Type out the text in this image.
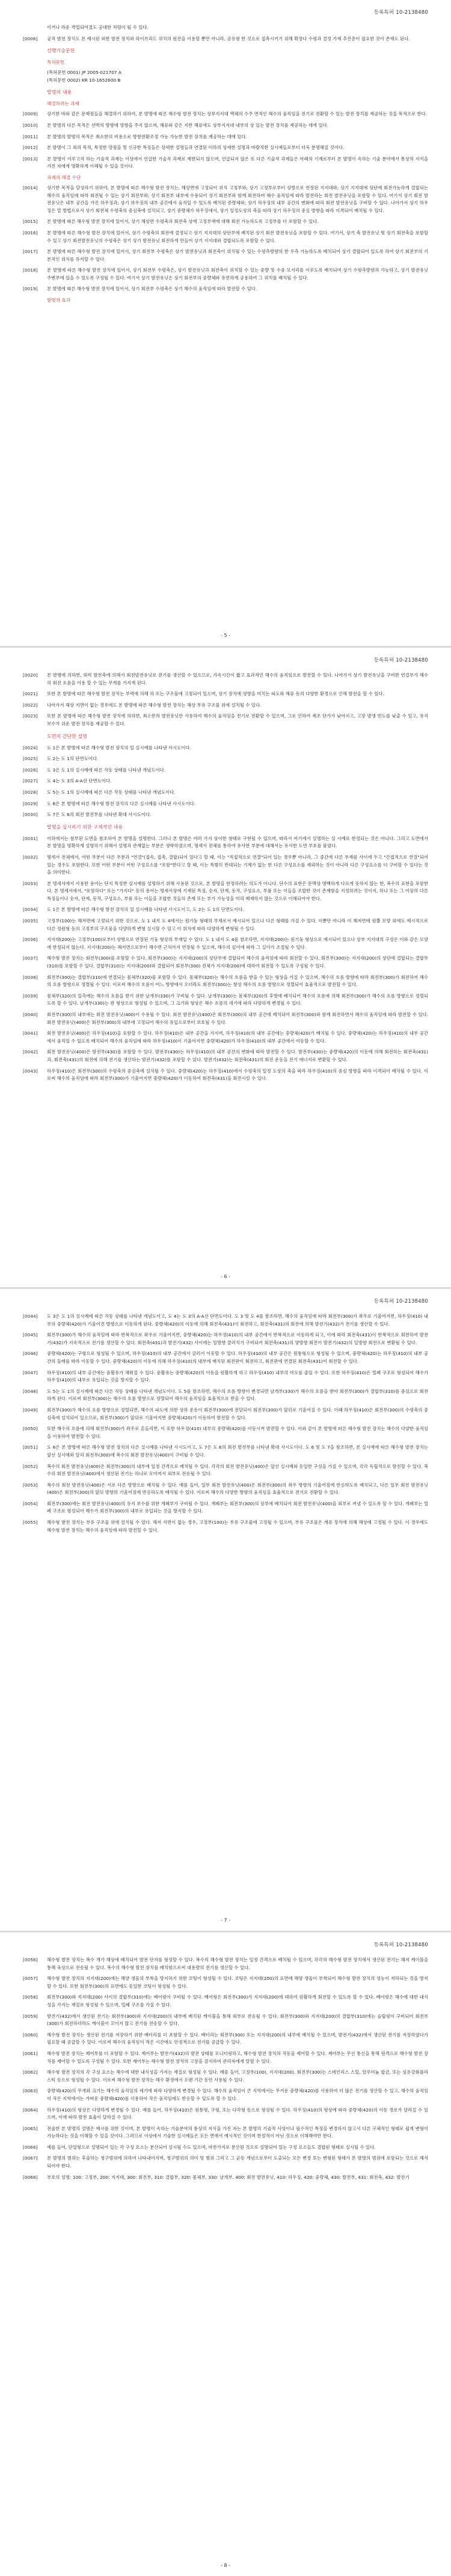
등록특허 10-2138480
이거나 라운 격업되어졌도 공대한 처럼이 될 수 있다.
[0006]	공적 발전 장치도 본 예시된 외한 발전 장치와 하이브리드 위치의 원전을 이용할 뿐만 아니라, 공유형 한 것으로 접촉시키기 위해 확장다 수평과 결정 가재 추진층이 필요한 것이 존재도 된다.
선행기술문헌
특허문헌
(특허문헌 0001) JP 2005-021707 A
(특허문헌 0002) KR 10-1652600 B
발명의 내용
해결하려는 과제
[0009]	상기한 바와 같은 문제점들을 해결하기 위하여, 본 발명에 따른 해수형 발전 장치는 상부지지대 액체의 수주 면적인 해수의 움직임을 전기로 전환할 수 있는 발전 장치를 제공하는 것을 목적으로 한다.
[0010]	본 발명의 다른 목적은 선박의 방향에 영향을 주지 않으며, 해류와 같은 지반 해류에도 상부지지대 내부의 상 있는 발전 장치를 제공하는 데에 있다.
[0011]	본 발명의 발명의 목적은 최소한의 비용으로 방향전환조정 가능 가능한 발전 장치를 제공하는 데에 있다.
[0012]	본 발명이 그 외의 목적, 특정한 양점을 및 신규한 특징들은 상세한 설명들과 연결된 이하의 상세한 설명과 바람직한 실시예들로부터 더욱 분명해질 것이다.
[0013]	본 발명이 이루고자 하는 기술적 과제는 이상에서 언급한 기술적 과제로 제한되지 않으며, 언급되지 않은 또 다른 기술적 과제들은 아래의 기재로부터 본 발명이 속하는 기술 분야에서 통상의 지식을 가진 자에게 명확하게 이해될 수 있을 것이다.
과제의 해결 수단
[0014]	상기한 목적을 달성하기 위하여, 본 발명에 따른 해수형 발전 장치는, 해상면에 고정되어 위치 고정부와; 상기 고정부로부터 상방으로 연장된 지지대와; 상기 지지대에 상단에 회전가능하게 결합되는 해수의 움직임에 따라 회전될 수 있는 상기 회전부와; 상기 회전부 내부에 수용되어 상기 회전부와 함께 회전하여 해수 움직임에 따라 발전하는 회전 발전유닛을 포함할 수 있다. 여기서 상기 회전 발전유닛은 내부 공간을 가진 하우징과; 상기 하우징의 내부 공간에서 움직일 수 있도록 배치된 증량체와; 상기 하우징의 내부 공간의 변화에 따라 회전 발전유닛을 구비할 수 있다. 나아가서 상기 하우징은 밑 방법으로서 상기 회전체 수평축의 중심축에 설치되고, 상기 중량체가 하우징에서, 상기 일정도상의 축을 따라 상기 하우징의 중심 방향을 따라 이격되어 배치될 수 있다.
[0015]	본 발명에 따른 해수형 발전 장치에 있어서, 상기 해상면 수평축과 회전축 상에 고정부재에 대해 회전 가능하도록 고정부를 더 포함할 수 있다.
[0016]	본 발명에 따른 해수형 발전 장치에 있어서, 상기 수평축의 회전에 결정되고 상기 지지대의 상단부에 배치된 상기 회전 발전유닛을 포함할 수 있다. 여기서, 상기 축 발전유닛 및 상기 회전축을 포함할 수 있고 상기 회전발전유닛의 수평축은 상기 상기 발전유닛 회전하게 만들어 상기 지지대와 결합되도록 포함할 수 있다.
[0017]	본 발명에 따른 해수형 발전 장치에 있어서, 상기 회전부 수평축은 상기 발전유닛과 회전축이 위치될 수 있는 수평측방향의 한 우측 가능하도록 배치되어 상기 결합되어 있도록 하여 상기 회전부의 기본적인 위치를 유지할 수 있다.
[0018]	본 발명에 따른 해수형 발전 장치에 있어서, 상기 회전부 수평축은, 상기 발전유닛과 회전축이 위치할 수 있는 중량 및 수중 모서리를 이루도록 배치되며 상기 수평측방향과 가능하고, 상기 발전유닛 주변부에 있을 수 있도록 구성될 수 있다. 여기서 상기 발전유닛은 상기 회전부의 중량체와 유연하게 공용하여 그 위치를 배치될 수 있다.
[0019]	본 발명에 따른 해수형 발전 장치에 있어서, 상기 회전부 수평축은 상기 해수의 움직임에 따라 발전할 수 있다.
발명의 효과
- 5 -
등록특허 10-2138480
[0020]	본 발명에 의하면, 외력 발전축에 의해서 회전발전유닛로 전기를 생산할 수 있으므로, 가속시간이 짧고 효과적인 해수의 움직임으로 발전할 수 있다. 나아가서 상기 발전유닛을 구비한 연결부가 해수의 회전 흐름을 이용 할 수 있는 무게를 가지게 된다.
[0021]	또한 본 발명에 따른 해수형 발전 장치는 부력에 의해 하 또는 구조물에 고정되어 있으며, 상기 장치에 영향을 미치는 파도와 해류 등의 다양한 환경으로 인해 발전을 할 수 있다.
[0022]	나아가서 해상 지면이 없는 경우에도 본 발명에 따른 해수형 발전 장치는 해상 부유 구조물 위에 설치될 수 있다.
[0023]	또한 본 발명에 따른 해수형 발전 장치에 의하면, 최소한의 발전유닛만 사용하여 해수의 움직임을 전기로 전환할 수 있으며, 그로 인하여 제조 단가가 낮아지고, 고장 발생 빈도를 낮출 수 있고, 유지 보수가 쉬운 발전 장치를 제공할 수 있다.
도면의 간단한 설명
[0024]	도 1은 본 발명에 따른 해수형 발전 장치의 일 실시예를 나타낸 사시도이다.
[0025]	도 2는 도 1의 단면도이다.
[0026]	도 3은 도 1의 실시예에 따른 작동 상태를 나타낸 개념도이다.
[0027]	도 4는 도 3의 A-A선 단면도이다.
[0028]	도 5는 도 1의 실시예에 따른 다른 작동 상태를 나타낸 개념도이다.
[0029]	도 6은 본 발명에 따른 해수형 발전 장치의 다른 실시예를 나타낸 사시도이다.
[0030]	도 7은 도 6의 회전 발전부를 나타낸 확대 사시도이다.
발명을 실시하기 위한 구체적인 내용
[0031]	이하에서는 첨부된 도면을 참조하여 본 발명을 설명한다. 그러나 본 발명은 여러 가지 상이한 형태로 구현될 수 있으며, 따라서 여기에서 설명하는 실 시예로 한정되는 것은 아니다. 그리고 도면에서 본 발명을 명확하게 설명하기 위해서 설명과 관계없는 부분은 생략하였으며, 명세서 전체를 통하여 유사한 부분에 대해서는 유사한 도면 부호를 붙였다.
[0032]	명세서 전체에서, 어떤 부분이 다른 부분과 "연결"(접속, 접촉, 결합)되어 있다고 할 때, 이는 "직접적으로 연결"되어 있는 경우뿐 아니라, 그 중간에 다른 부재를 사이에 두고 "간접적으로 연결"되어 있는 경우도 포함한다. 또한 어떤 부분이 어떤 구성요소를 "포함"한다고 할 때, 이는 특별히 반대되는 기재가 없는 한 다른 구성요소를 제외하는 것이 아니라 다른 구성요소를 더 구비할 수 있다는 것을 의미한다.
[0033]	본 명세서에서 사용한 용어는 단지 특정한 실시예를 설명하기 위해 사용된 것으로, 본 발명을 한정하려는 의도가 아니다. 단수의 표현은 문맥상 명백하게 다르게 뜻하지 않는 한, 복수의 표현을 포함한다. 본 명세서에서, "포함하다" 또는 "가지다" 등의 용어는 명세서상에 기재된 특징, 숫자, 단계, 동작, 구성요소, 부품 또는 이들을 조합한 것이 존재함을 지정하려는 것이지, 하나 또는 그 이상의 다른 특징들이나 숫자, 단계, 동작, 구성요소, 부품 또는 이들을 조합한 것들의 존재 또는 부가 가능성을 미리 배제하지 않는 것으로 이해되어야 한다.
[0034]	도 1은 본 발명에 따른 해수형 발전 장치의 일 실시예를 나타낸 사시도이고, 도 2는 도 1의 단면도이다.
[0035]	고정부(100)는 해저면에 고정되기 위한 것으로, 도 1 내지 도 4에서는 원기둥 형태의 부재로서 예시되어 있으나 다른 형태를 가질 수 있다. 이뿐만 아니라 이 해저면에 원뿔 모양 외에도 예시적으로 다른 정원형 등의 고정부의 구조물을 다양하게 변형 실시할 수 있고 이 위치에 따라 다양하게 변형될 수 있다.
[0036]	지지대(200)는 고정부(100)로부터 상방으로 연장된 기둥 형상의 부재일 수 있다. 도 1 내지 도 4를 참조하면, 지지대(200)는 원기둥 형상으로 예시되어 있으나 상부 지지대의 구성은 이와 같은 모양에 한정되지 않는다. 지지대(200)는 해저면으로부터 해수면 근처까지 연장될 수 있으며, 해수의 깊이에 따라 그 길이가 조절될 수 있다.
[0037]	해수형 발전 장치는 회전부(300)를 포함할 수 있다. 회전부(300)는 지지대(200)의 상단부에 결합되어 해수의 움직임에 따라 회전할 수 있다. 회전부(300)는 지지대(200)의 상단에 결합되는 결합부(310)를 포함할 수 있다. 결합부(310)는 지지대(200)와 결합되어 회전부(300) 전체가 지지대(200)에 대하여 회전할 수 있도록 구성될 수 있다.
[0038]	회전부(300)는 결합부(310)에 연결되는 몸체부(320)를 포함할 수 있다. 몸체부(320)는 해수의 흐름을 받을 수 있는 형상을 가질 수 있으며, 해수의 흐름 방향에 따라 회전부(300)가 회전하여 해수의 흐름 방향으로 정렬될 수 있다. 이로써 해수의 흐름이 어느 방향에서 오더라도 회전부(300)는 항상 해수의 흐름 방향으로 정렬되어 효율적으로 발전할 수 있다.
[0039]	몸체부(320)의 일측에는 해수의 흐름을 받기 위한 날개부(330)가 구비될 수 있다. 날개부(330)는 몸체부(320)의 후방에 배치되어 해수의 흐름에 의해 회전부(300)가 해수의 흐름 방향으로 정렬되도록 할 수 있다. 날개부(330)는 판 형상으로 형성될 수 있으며, 그 크기와 형상은 해수 흐름의 세기에 따라 다양하게 변경될 수 있다.
[0040]	회전부(300)의 내부에는 회전 발전유닛(400)이 수용될 수 있다. 회전 발전유닛(400)은 회전부(300)의 내부 공간에 배치되어 회전부(300)와 함께 회전하면서 해수의 움직임에 따라 발전할 수 있다. 회전 발전유닛(400)은 회전부(300)의 내부에 고정되어 해수의 유입으로부터 보호될 수 있다.
[0041]	회전 발전유닛(400)은 하우징(410)을 포함할 수 있다. 하우징(410)은 내부 공간을 가지며, 하우징(410)의 내부 공간에는 중량체(420)가 배치될 수 있다. 중량체(420)는 하우징(410)의 내부 공간에서 움직일 수 있도록 배치되어 해수의 움직임에 따라 하우징(410)이 기울어지면 중량체(420)가 하우징(410)의 내부 공간에서 이동할 수 있다.
[0042]	회전 발전유닛(400)은 발전부(430)를 포함할 수 있다. 발전부(430)는 하우징(410)의 내부 공간의 변화에 따라 발전할 수 있다. 발전부(430)는 중량체(420)의 이동에 의해 회전하는 회전축(431)과, 회전축(431)의 회전에 의해 전기를 생산하는 발전기(432)를 포함할 수 있다. 발전기(432)는 회전축(431)의 회전 운동을 전기 에너지로 변환할 수 있다.
[0043]	하우징(410)은 회전부(300)의 수평축의 중심축에 설치될 수 있다. 중량체(420)는 하우징(410)에서 수평축의 일정 도상의 축을 따라 하우징(410)의 중심 방향을 따라 이격되어 배치될 수 있다. 이로써 해수의 움직임에 따라 회전부(300)가 기울어지면 중량체(420)가 이동하여 회전축(431)을 회전시킬 수 있다.
- 6 -
등록특허 10-2138480
[0044]	도 3은 도 1의 실시예에 따른 작동 상태를 나타낸 개념도이고, 도 4는 도 3의 A-A선 단면도이다. 도 3 및 도 4를 참조하면, 해수의 움직임에 따라 회전부(300)가 좌우로 기울어지면, 하우징(410) 내부의 중량체(420)가 기울어진 방향으로 이동하게 된다. 중량체(420)의 이동에 의해 회전축(431)이 회전하고, 회전축(431)의 회전에 의해 발전기(432)가 전기를 생산할 수 있다.
[0045]	회전부(300)가 해수의 움직임에 따라 반복적으로 좌우로 기울어지면, 중량체(420)는 하우징(410)의 내부 공간에서 반복적으로 이동하게 되고, 이에 따라 회전축(431)이 반복적으로 회전하여 발전기(432)가 지속적으로 전기를 생산할 수 있다. 회전축(431)과 발전기(432) 사이에는 일방향 클러치가 구비되어 회전축(431)의 양방향 회전이 발전기(432)의 일방향 회전으로 변환될 수 있다.
[0046]	중량체(420)는 구형으로 형성될 수 있으며, 하우징(410)의 내부 공간에서 굴러서 이동할 수 있다. 하우징(410)의 내부 공간은 원통형으로 형성될 수 있으며, 중량체(420)는 하우징(410)의 내부 공간의 둘레를 따라 이동할 수 있다. 중량체(420)의 이동에 의해 하우징(410)의 내부에 배치된 회전판이 회전하고, 회전판에 연결된 회전축(431)이 회전할 수 있다.
[0047]	하우징(410)의 내부 공간에는 윤활유가 채워질 수 있다. 윤활유는 중량체(420)의 이동을 원활하게 하고 하우징(410) 내부의 마모를 줄일 수 있다. 또한 하우징(410)은 밀폐 구조로 형성되어 해수가 하우징(410)의 내부로 유입되는 것을 방지할 수 있다.
[0048]	도 5는 도 1의 실시예에 따른 다른 작동 상태를 나타낸 개념도이다. 도 5를 참조하면, 해수의 흐름 방향이 변경되면 날개부(330)가 해수의 흐름을 받아 회전부(300)가 결합부(310)를 중심으로 회전하게 된다. 이로써 회전부(300)는 해수의 흐름 방향으로 정렬되어 해수의 움직임을 효율적으로 받을 수 있다.
[0049]	회전부(300)가 해수의 흐름 방향으로 정렬되면, 해수의 파도에 의한 상하 운동이 회전부(300)에 전달되어 회전부(300)가 앞뒤로 기울어질 수 있다. 이때 하우징(410)은 회전부(300)의 수평축의 중심축에 설치되어 있으므로, 회전부(300)가 앞뒤로 기울어지면 중량체(420)가 이동하여 발전할 수 있다.
[0050]	또한 해수의 흐름에 의해 회전부(300)가 좌우로 흔들리면, 이 또한 하우징(410) 내부의 중량체(420)를 이동시켜 발전할 수 있다. 이와 같이 본 발명에 따른 해수형 발전 장치는 해수의 다양한 움직임을 이용하여 발전할 수 있다.
[0051]	도 6은 본 발명에 따른 해수형 발전 장치의 다른 실시예를 나타낸 사시도이고, 도 7은 도 6의 회전 발전부를 나타낸 확대 사시도이다. 도 6 및 도 7을 참조하면, 본 실시예에 따른 해수형 발전 장치는 앞선 실시예와 달리 회전부(300)에 복수의 회전 발전유닛(400)이 구비될 수 있다.
[0052]	복수의 회전 발전유닛(400)은 회전부(300)의 내부에 일정 간격으로 배치될 수 있다. 각각의 회전 발전유닛(400)은 앞선 실시예와 동일한 구성을 가질 수 있으며, 각각 독립적으로 발전할 수 있다. 복수의 회전 발전유닛(400)에서 생산된 전기는 하나로 모아져서 외부로 전송될 수 있다.
[0053]	복수의 회전 발전유닛(400)은 서로 다른 방향으로 배치될 수 있다. 예를 들어, 일부 회전 발전유닛(400)은 회전부(300)의 좌우 방향의 기울어짐에 반응하도록 배치되고, 다른 일부 회전 발전유닛(400)은 회전부(300)의 앞뒤 방향의 기울어짐에 반응하도록 배치될 수 있다. 이로써 해수의 다양한 방향의 움직임을 효율적으로 전기로 전환할 수 있다.
[0054]	회전부(300)에는 회전 발전유닛(400)의 유지 보수를 위한 개폐부가 구비될 수 있다. 개폐부는 회전부(300)의 상부에 배치되어 회전 발전유닛(400)을 외부로 꺼낼 수 있도록 할 수 있다. 개폐부는 밀폐 구조로 형성되어 해수가 회전부(300)의 내부로 유입되는 것을 방지할 수 있다.
[0055]	해수형 발전 장치는 부유 구조물 위에 설치될 수 있다. 해저 지면이 없는 경우, 고정부(100)는 부유 구조물에 고정될 수 있으며, 부유 구조물은 계류 장치에 의해 해상에 고정될 수 있다. 이 경우에도 해수형 발전 장치는 해수의 움직임에 따라 발전할 수 있다.
- 7 -
등록특허 10-2138480
[0056]	해수형 발전 장치는 복수 개가 해상에 배치되어 발전 단지를 형성할 수 있다. 복수의 해수형 발전 장치는 일정 간격으로 배치될 수 있으며, 각각의 해수형 발전 장치에서 생산된 전기는 해저 케이블을 통해 육상으로 전송될 수 있다. 복수의 해수형 발전 장치를 배치함으로써 대용량의 전기를 생산할 수 있다.
[0057]	해수형 발전 장치의 지지대(200)에는 해양 생물의 부착을 방지하기 위한 코팅이 형성될 수 있다. 코팅은 지지대(200)의 표면에 해양 생물이 부착되어 해수형 발전 장치의 성능이 저하되는 것을 방지할 수 있다. 또한 회전부(300)의 표면에도 동일한 코팅이 형성될 수 있다.
[0058]	회전부(300)와 지지대(200) 사이의 결합부(310)에는 베어링이 구비될 수 있다. 베어링은 회전부(300)가 지지대(200)에 대하여 원활하게 회전할 수 있도록 할 수 있다. 베어링은 해수에 대한 내식성을 가지는 재질로 형성될 수 있으며, 밀폐 구조를 가질 수 있다.
[0059]	발전기(432)에서 생산된 전기는 회전부(300)와 지지대(200)의 내부에 배치된 케이블을 통해 외부로 전송될 수 있다. 회전부(300)와 지지대(200)의 결합부(310)에는 슬립링이 구비되어 회전부(300)가 회전하더라도 케이블이 꼬이지 않고 전기를 전송할 수 있다.
[0060]	해수형 발전 장치는 생산된 전기를 저장하기 위한 배터리를 더 포함할 수 있다. 배터리는 회전부(300) 또는 지지대(200)의 내부에 배치될 수 있으며, 발전기(432)에서 생산된 전기를 저장하였다가 필요할 때 공급할 수 있다. 이로써 해수의 움직임이 적은 시간에도 안정적으로 전기를 공급할 수 있다.
[0061]	해수형 발전 장치는 제어부를 더 포함할 수 있다. 제어부는 발전기(432)의 발전 상태를 모니터링하고, 해수형 발전 장치의 작동을 제어할 수 있다. 제어부는 무선 통신을 통해 원격으로 해수형 발전 장치를 제어할 수 있도록 구성될 수 있다. 또한 제어부는 해수형 발전 장치의 고장을 감지하여 관리자에게 알릴 수 있다.
[0062]	해수형 발전 장치의 각 구성 요소는 해수에 대한 내식성을 가지는 재질로 형성될 수 있다. 예를 들어, 고정부(100), 지지대(200), 회전부(300)는 스테인리스 스틸, 알루미늄 합금, 또는 섬유강화플라스틱 등으로 형성될 수 있다. 이로써 해수형 발전 장치는 해수 환경에서 오랜 기간 동안 사용될 수 있다.
[0063]	중량체(420)의 무게와 크기는 해수의 움직임의 세기에 따라 다양하게 변경될 수 있다. 해수의 움직임이 큰 지역에서는 무거운 중량체(420)를 사용하여 더 많은 전기를 생산할 수 있고, 해수의 움직임이 작은 지역에서는 가벼운 중량체(420)를 사용하여 작은 움직임에도 반응할 수 있도록 할 수 있다.
[0064]	하우징(410)의 형상은 다양하게 변경될 수 있다. 예를 들어, 하우징(410)은 원통형, 구형, 또는 다각형 등으로 형성될 수 있다. 하우징(410)의 형상에 따라 중량체(420)의 이동 경로가 달라질 수 있으며, 이에 따라 발전 효율이 달라질 수 있다.
[0065]	전술한 본 발명의 설명은 예시를 위한 것이며, 본 발명이 속하는 기술분야의 통상의 지식을 가진 자는 본 발명의 기술적 사상이나 필수적인 특징을 변경하지 않고서 다른 구체적인 형태로 쉽게 변형이 가능하다는 것을 이해할 수 있을 것이다. 그러므로 이상에서 기술한 실시예들은 모든 면에서 예시적인 것이며 한정적이 아닌 것으로 이해해야만 한다.
[0066]	예를 들어, 단일형으로 설명되어 있는 각 구성 요소는 분산되어 실시될 수도 있으며, 마찬가지로 분산된 것으로 설명되어 있는 구성 요소들도 결합된 형태로 실시될 수 있다.
[0067]	본 발명의 범위는 후술하는 청구범위에 의하여 나타내어지며, 청구범위의 의미 및 범위 그리고 그 균등 개념으로부터 도출되는 모든 변경 또는 변형된 형태가 본 발명의 범위에 포함되는 것으로 해석되어야 한다.
[0068]	부호의 설명: 100: 고정부, 200: 지지대, 300: 회전부, 310: 결합부, 320: 몸체부, 330: 날개부, 400: 회전 발전유닛, 410: 하우징, 420: 중량체, 430: 발전부, 431: 회전축, 432: 발전기
- 8 -
